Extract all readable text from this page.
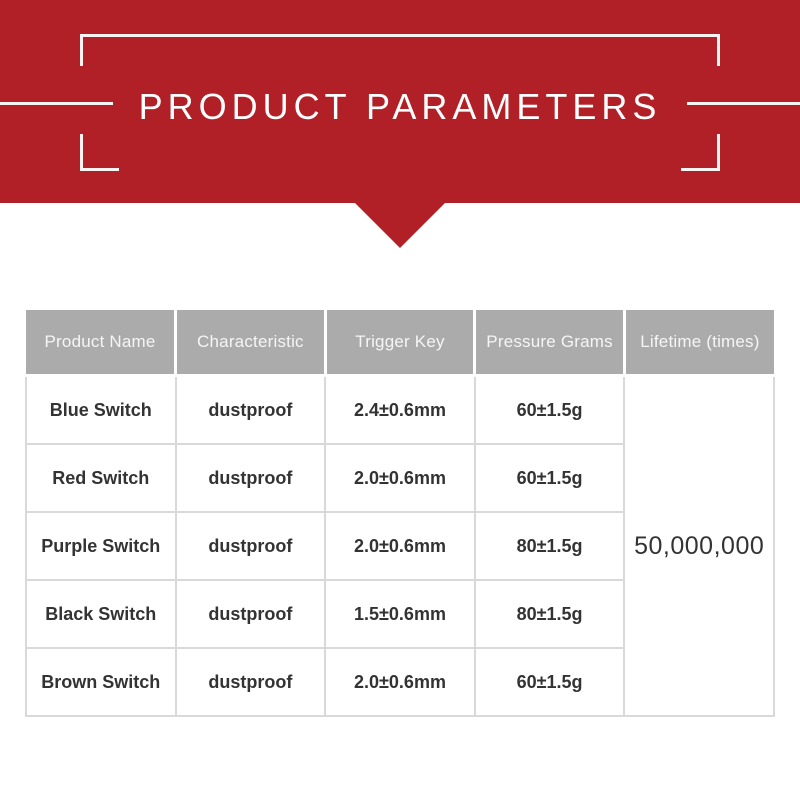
PRODUCT PARAMETERS
Product Name	Characteristic	Trigger Key	Pressure Grams	Lifetime (times)
Blue Switch	dustproof	2.4±0.6mm	60±1.5g	50,000,000
Red Switch	dustproof	2.0±0.6mm	60±1.5g	
Purple Switch	dustproof	2.0±0.6mm	80±1.5g	
Black Switch	dustproof	1.5±0.6mm	80±1.5g	
Brown Switch	dustproof	2.0±0.6mm	60±1.5g	
